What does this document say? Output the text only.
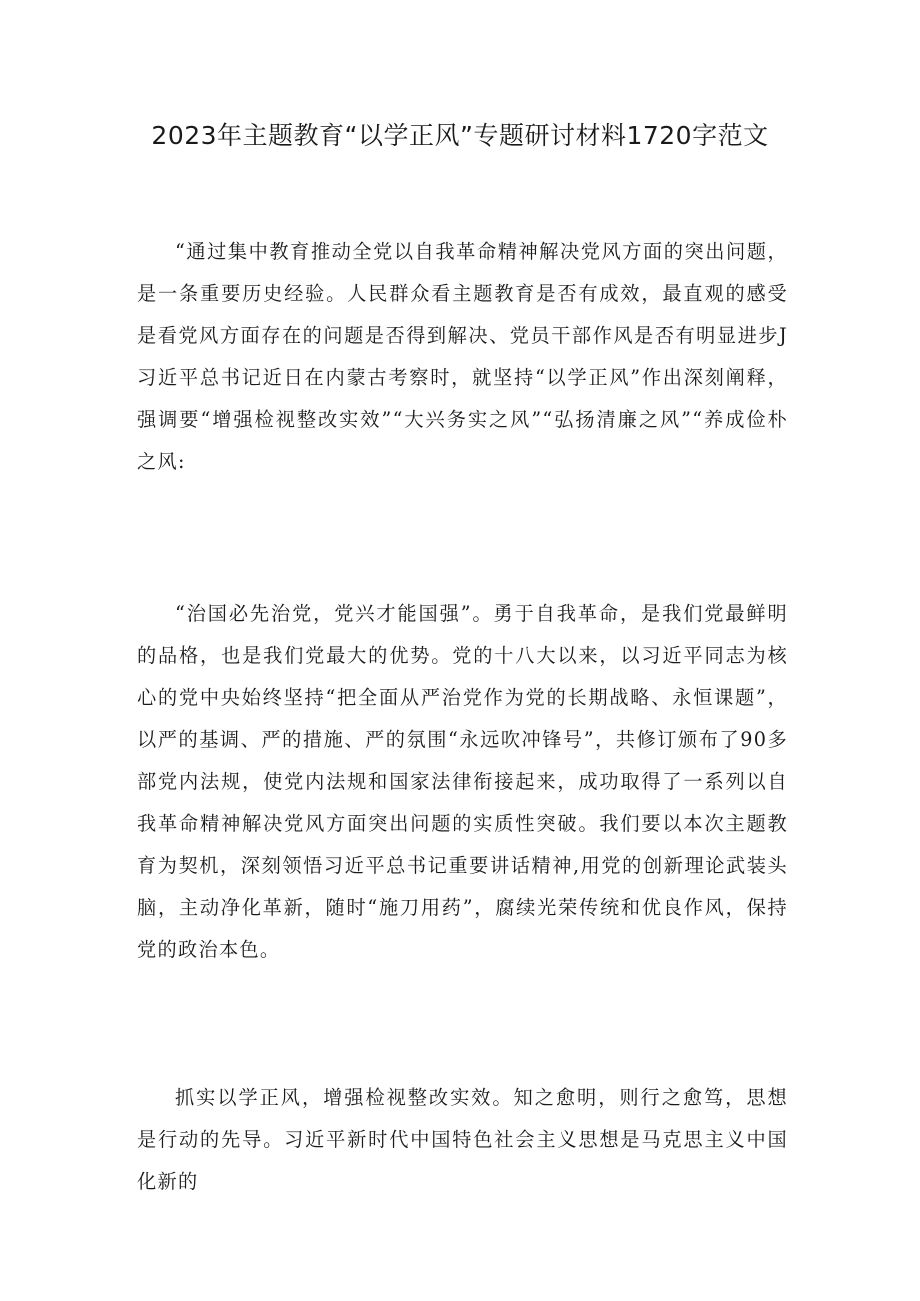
2023年主题教育“以学正风”专题研讨材料1720字范文

“通过集中教育推动全党以自我革命精神解决党风方面的突出问题，是一条重要历史经验。人民群众看主题教育是否有成效，最直观的感受是看党风方面存在的问题是否得到解决、党员干部作风是否有明显进步J习近平总书记近日在内蒙古考察时，就坚持“以学正风”作出深刻阐释，强调要“增强检视整改实效”“大兴务实之风”“弘扬清廉之风”“养成俭朴之风:

“治国必先治党，党兴才能国强”。勇于自我革命，是我们党最鲜明的品格，也是我们党最大的优势。党的十八大以来，以习近平同志为核心的党中央始终坚持“把全面从严治党作为党的长期战略、永恒课题”，以严的基调、严的措施、严的氛围“永远吹冲锋号”，共修订颁布了90多部党内法规，使党内法规和国家法律衔接起来，成功取得了一系列以自我革命精神解决党风方面突出问题的实质性突破。我们要以本次主题教育为契机，深刻领悟习近平总书记重要讲话精神,用党的创新理论武装头脑，主动净化革新，随时“施刀用药”，腐续光荣传统和优良作风，保持党的政治本色。

抓实以学正风，增强检视整改实效。知之愈明，则行之愈笃，思想是行动的先导。习近平新时代中国特色社会主义思想是马克思主义中国化新的
